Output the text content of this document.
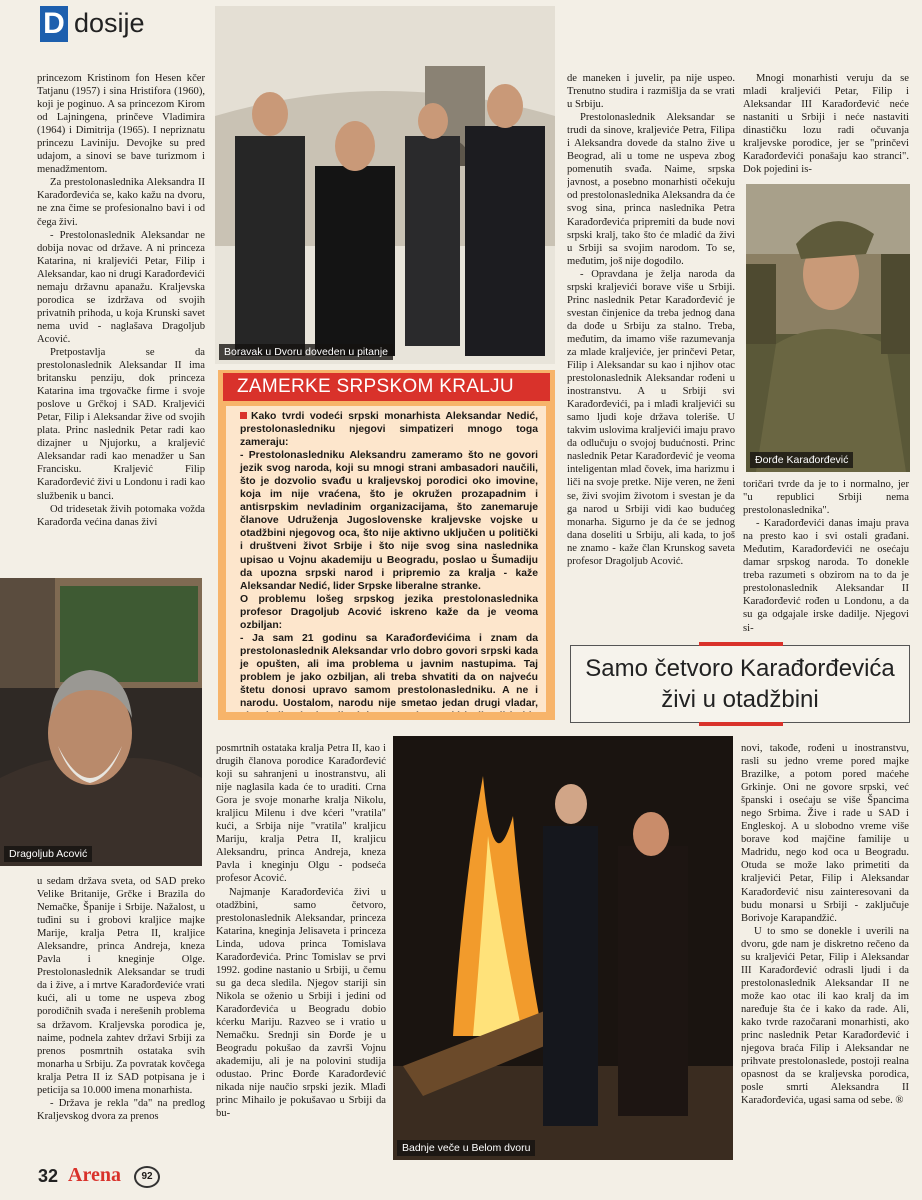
D dosije

princezom Kristinom fon Hesen kčer Tatjanu (1957) i sina Hristifora (1960), koji je poginuo. A sa princezom Kirom od Lajningena, prinčeve Vladimira (1964) i Dimitrija (1965). I nepriznatu princezu Laviniju. Devojke su pred udajom, a sinovi se bave turizmom i menadžmentom.

Za prestolonaslednika Aleksandra II Karađorđevića se, kako kažu na dvoru, ne zna čime se profesionalno bavi i od čega živi.

- Prestolonaslednik Aleksandar ne dobija novac od države. A ni princeza Katarina, ni kraljevići Petar, Filip i Aleksandar, kao ni drugi Karađorđevići nemaju državnu apanažu. Kraljevska porodica se izdržava od svojih privatnih prihoda, u koja Krunski savet nema uvid - naglašava Dragoljub Acović.

Pretpostavlja se da prestolonaslednik Aleksandar II ima britansku penziju, dok princeza Katarina ima trgovačke firme i svoje poslove u Grčkoj i SAD. Kraljevići Petar, Filip i Aleksandar žive od svojih plata. Princ naslednik Petar radi kao dizajner u Njujorku, a kraljević Aleksandar radi kao menadžer u San Francisku. Kraljević Filip Karađorđević živi u Londonu i radi kao službenik u banci.

Od tridesetak živih potomaka vožda Karađorđa većina danas živi

Dragoljub Acović

u sedam država sveta, od SAD preko Velike Britanije, Grčke i Brazila do Nemačke, Španije i Srbije. Nažalost, u tuđini su i grobovi kraljice majke Marije, kralja Petra II, kraljice Aleksandre, princa Andreja, kneza Pavla i kneginje Olge. Prestolonaslednik Aleksandar se trudi da i žive, a i mrtve Karađorđeviće vrati kući, ali u tome ne uspeva zbog porodičnih svađa i nerešenih problema sa državom. Kraljevska porodica je, naime, podnela zahtev državi Srbiji za prenos posmrtnih ostataka svih monarha u Srbiju. Za povratak kovčega kralja Petra II iz SAD potpisana je i peticija sa 10.000 imena monarhista.

- Država je rekla "da" na predlog Kraljevskog dvora za prenos

Boravak u Dvoru doveden u pitanje
ZAMERKE SRPSKOM KRALJU
Kako tvrdi vodeći srpski monarhista Aleksandar Nedić, prestolonasledniku njegovi simpatizeri mnogo toga zameraju:
- Prestolonasledniku Aleksandru zameramo što ne govori jezik svog naroda, koji su mnogi strani ambasadori naučili, što je dozvolio svađu u kraljevskoj porodici oko imovine, koja im nije vraćena, što je okružen prozapadnim i antisrpskim nevladinim organizacijama, što zanemaruje članove Udruženja Jugoslovenske kraljevske vojske u otadžbini njegovog oca, što nije aktivno uključen u politički i društveni život Srbije i što nije svog sina naslednika upisao u Vojnu akademiju u Beogradu, poslao u Šumadiju da upozna srpski narod i pripremio za kralja - kaže Aleksandar Nedić, lider Srpske liberalne stranke.
O problemu lošeg srpskog jezika prestolonaslednika profesor Dragoljub Acović iskreno kaže da je veoma ozbiljan:
- Ja sam 21 godinu sa Karađorđevićima i znam da prestolonaslednik Aleksandar vrlo dobro govori srpski kada je opušten, ali ima problema u javnim nastupima. Taj problem je jako ozbiljan, ali treba shvatiti da on najveću štetu donosi upravo samom prestolonasledniku. A ne i narodu. Uostalom, narodu nije smetao jedan drugi vladar,

posmrtnih ostataka kralja Petra II, kao i drugih članova porodice Karađorđević koji su sahranjeni u inostranstvu, ali nije naglasila kada će to uraditi. Crna Gora je svoje monarhe kralja Nikolu, kraljicu Milenu i dve kćeri "vratila" kući, a Srbija nije "vratila" kraljicu Mariju, kralja Petra II, kraljicu Aleksandru, princa Andreja, kneza Pavla i kneginju Olgu - podseća profesor Acović.

Najmanje Karađorđevića živi u otadžbini, samo četvoro, prestolonaslednik Aleksandar, princeza Katarina, kneginja Jelisaveta i princeza Linda, udova princa Tomislava Karađorđevića. Princ Tomislav se prvi 1992. godine nastanio u Srbiji, u čemu su ga deca sledila. Njegov stariji sin Nikola se oženio u Srbiji i jedini od Karađorđevića u Beogradu dobio kćerku Mariju. Razveo se i vratio u Nemačku. Srednji sin Đorđe je u Beogradu pokušao da završi Vojnu akademiju, ali je na polovini studija odustao. Princ Đorđe Karađorđević nikada nije naučio srpski jezik. Mlađi princ Mihailo je pokušavao u Srbiji da bu-

Badnje veče u Belom dvoru

de maneken i juvelir, pa nije uspeo. Trenutno studira i razmišlja da se vrati u Srbiju.

Prestolonaslednik Aleksandar se trudi da sinove, kraljeviće Petra, Filipa i Aleksandra dovede da stalno žive u Beograd, ali u tome ne uspeva zbog pomenutih svađa. Naime, srpska javnost, a posebno monarhisti očekuju od prestolonaslednika Aleksandra da će svog sina, princa naslednika Petra Karađorđevića pripremiti da bude novi srpski kralj, tako što će mladić da živi u Srbiji sa svojim narodom. To se, međutim, još nije dogodilo.

- Opravdana je želja naroda da srpski kraljevići borave više u Srbiji. Princ naslednik Petar Karađorđević je svestan činjenice da treba jednog dana da dođe u Srbiju za stalno. Treba, međutim, da imamo više razumevanja za mlade kraljeviće, jer prinčevi Petar, Filip i Aleksandar su kao i njihov otac prestolonaslednik Aleksandar rođeni u inostranstvu. A u Srbiji svi Karađorđevići, pa i mlađi kraljevići su samo ljudi koje država toleriše. U takvim uslovima kraljevići imaju pravo da odlučuju o svojoj budućnosti. Princ naslednik Petar Karađorđević je veoma inteligentan mlad čovek, ima harizmu i liči na svoje pretke. Nije veren, ne ženi se, živi svojim životom i svestan je da ga narod u Srbiji vidi kao budućeg monarha. Sigurno je da će se jednog dana doseliti u Srbiju, ali kada, to još ne znamo - kaže član Krunskog saveta profesor Dragoljub Acović.

Mnogi monarhisti veruju da se mladi kraljevići Petar, Filip i Aleksandar III Karađorđević neće nastaniti u Srbiji i neće nastaviti dinastičku lozu radi očuvanja kraljevske porodice, jer se "prinčevi Karađorđevići ponašaju kao stranci". Dok pojedini is-

Đorđe Karađorđević

toričari tvrde da je to i normalno, jer "u republici Srbiji nema prestolonaslednika".

- Karađorđevići danas imaju prava na presto kao i svi ostali građani. Međutim, Karađorđevići ne osećaju damar srpskog naroda. To donekle treba razumeti s obzirom na to da je prestolonaslednik Aleksandar II Karađorđević rođen u Londonu, a da su ga odgajale irske dadilje. Njegovi si-

Samo četvoro Karađorđevića
živi u otadžbini

novi, takođe, rođeni u inostranstvu, rasli su jedno vreme pored majke Brazilke, a potom pored maćehe Grkinje. Oni ne govore srpski, već španski i osećaju se više Špancima nego Srbima. Žive i rade u SAD i Engleskoj. A u slobodno vreme više borave kod majčine familije u Madridu, nego kod oca u Beogradu. Otuda se može lako primetiti da kraljevići Petar, Filip i Aleksandar Karađorđević nisu zainteresovani da budu monarsi u Srbiji - zaključuje Borivoje Karapandžić.

U to smo se donekle i uverili na dvoru, gde nam je diskretno rečeno da su kraljevići Petar, Filip i Aleksandar III Karađorđević odrasli ljudi i da prestolonaslednik Aleksandar II ne može kao otac ili kao kralj da im naređuje šta će i kako da rade. Ali, kako tvrde razočarani monarhisti, ako princ naslednik Petar Karađorđević i njegova braća Filip i Aleksandar ne prihvate prestolonaslede, postoji realna opasnost da se kraljevska porodica, posle smrti Aleksandra II Karađorđevića, ugasi sama od sebe. ®

32 Arena	92
